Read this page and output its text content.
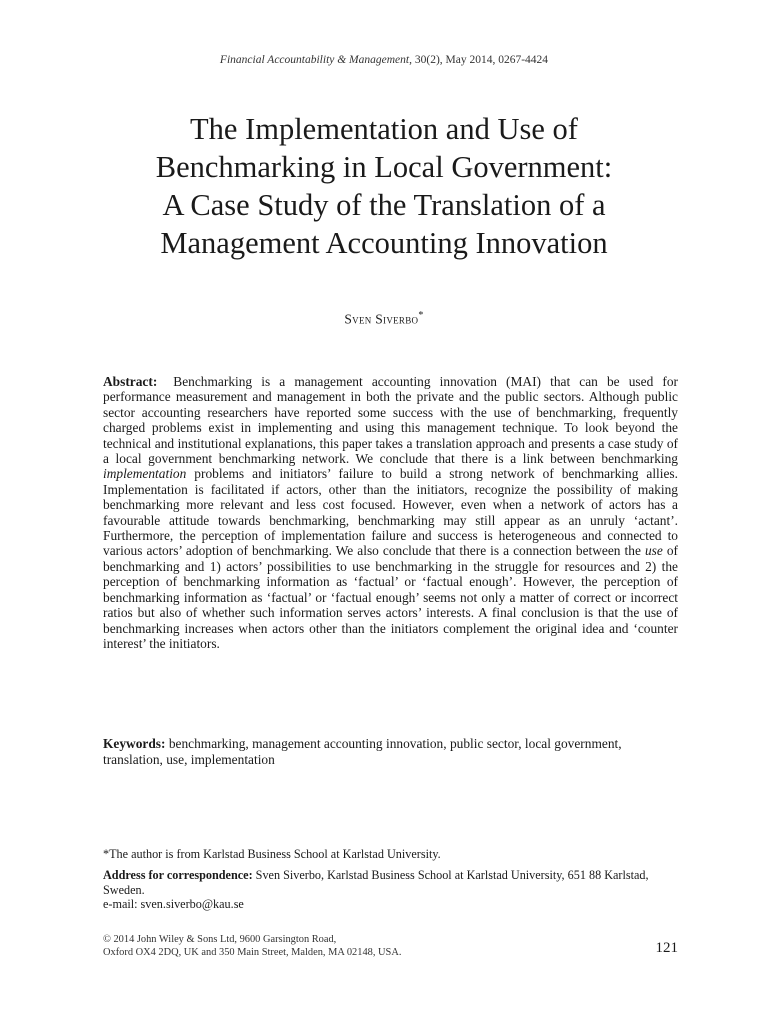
Financial Accountability & Management, 30(2), May 2014, 0267-4424
The Implementation and Use of
Benchmarking in Local Government:
A Case Study of the Translation of a
Management Accounting Innovation
Sven Siverbo*
Abstract: Benchmarking is a management accounting innovation (MAI) that can be used for performance measurement and management in both the private and the public sectors. Although public sector accounting researchers have reported some success with the use of benchmarking, frequently charged problems exist in implementing and using this management technique. To look beyond the technical and institutional explanations, this paper takes a translation approach and presents a case study of a local government benchmarking network. We conclude that there is a link between benchmarking implementation problems and initiators’ failure to build a strong network of benchmarking allies. Implementation is facilitated if actors, other than the initiators, recognize the possibility of making benchmarking more relevant and less cost focused. However, even when a network of actors has a favourable attitude towards benchmarking, benchmarking may still appear as an unruly ‘actant’. Furthermore, the perception of implementation failure and success is heterogeneous and connected to various actors’ adoption of benchmarking. We also conclude that there is a connection between the use of benchmarking and 1) actors’ possibilities to use benchmarking in the struggle for resources and 2) the perception of benchmarking information as ‘factual’ or ‘factual enough’. However, the perception of benchmarking information as ‘factual’ or ‘factual enough’ seems not only a matter of correct or incorrect ratios but also of whether such information serves actors’ interests. A final conclusion is that the use of benchmarking increases when actors other than the initiators complement the original idea and ‘counter interest’ the initiators.
Keywords: benchmarking, management accounting innovation, public sector, local government, translation, use, implementation
*The author is from Karlstad Business School at Karlstad University.
Address for correspondence: Sven Siverbo, Karlstad Business School at Karlstad University, 651 88 Karlstad, Sweden.
e-mail: sven.siverbo@kau.se
© 2014 John Wiley & Sons Ltd, 9600 Garsington Road,
Oxford OX4 2DQ, UK and 350 Main Street, Malden, MA 02148, USA.	121
